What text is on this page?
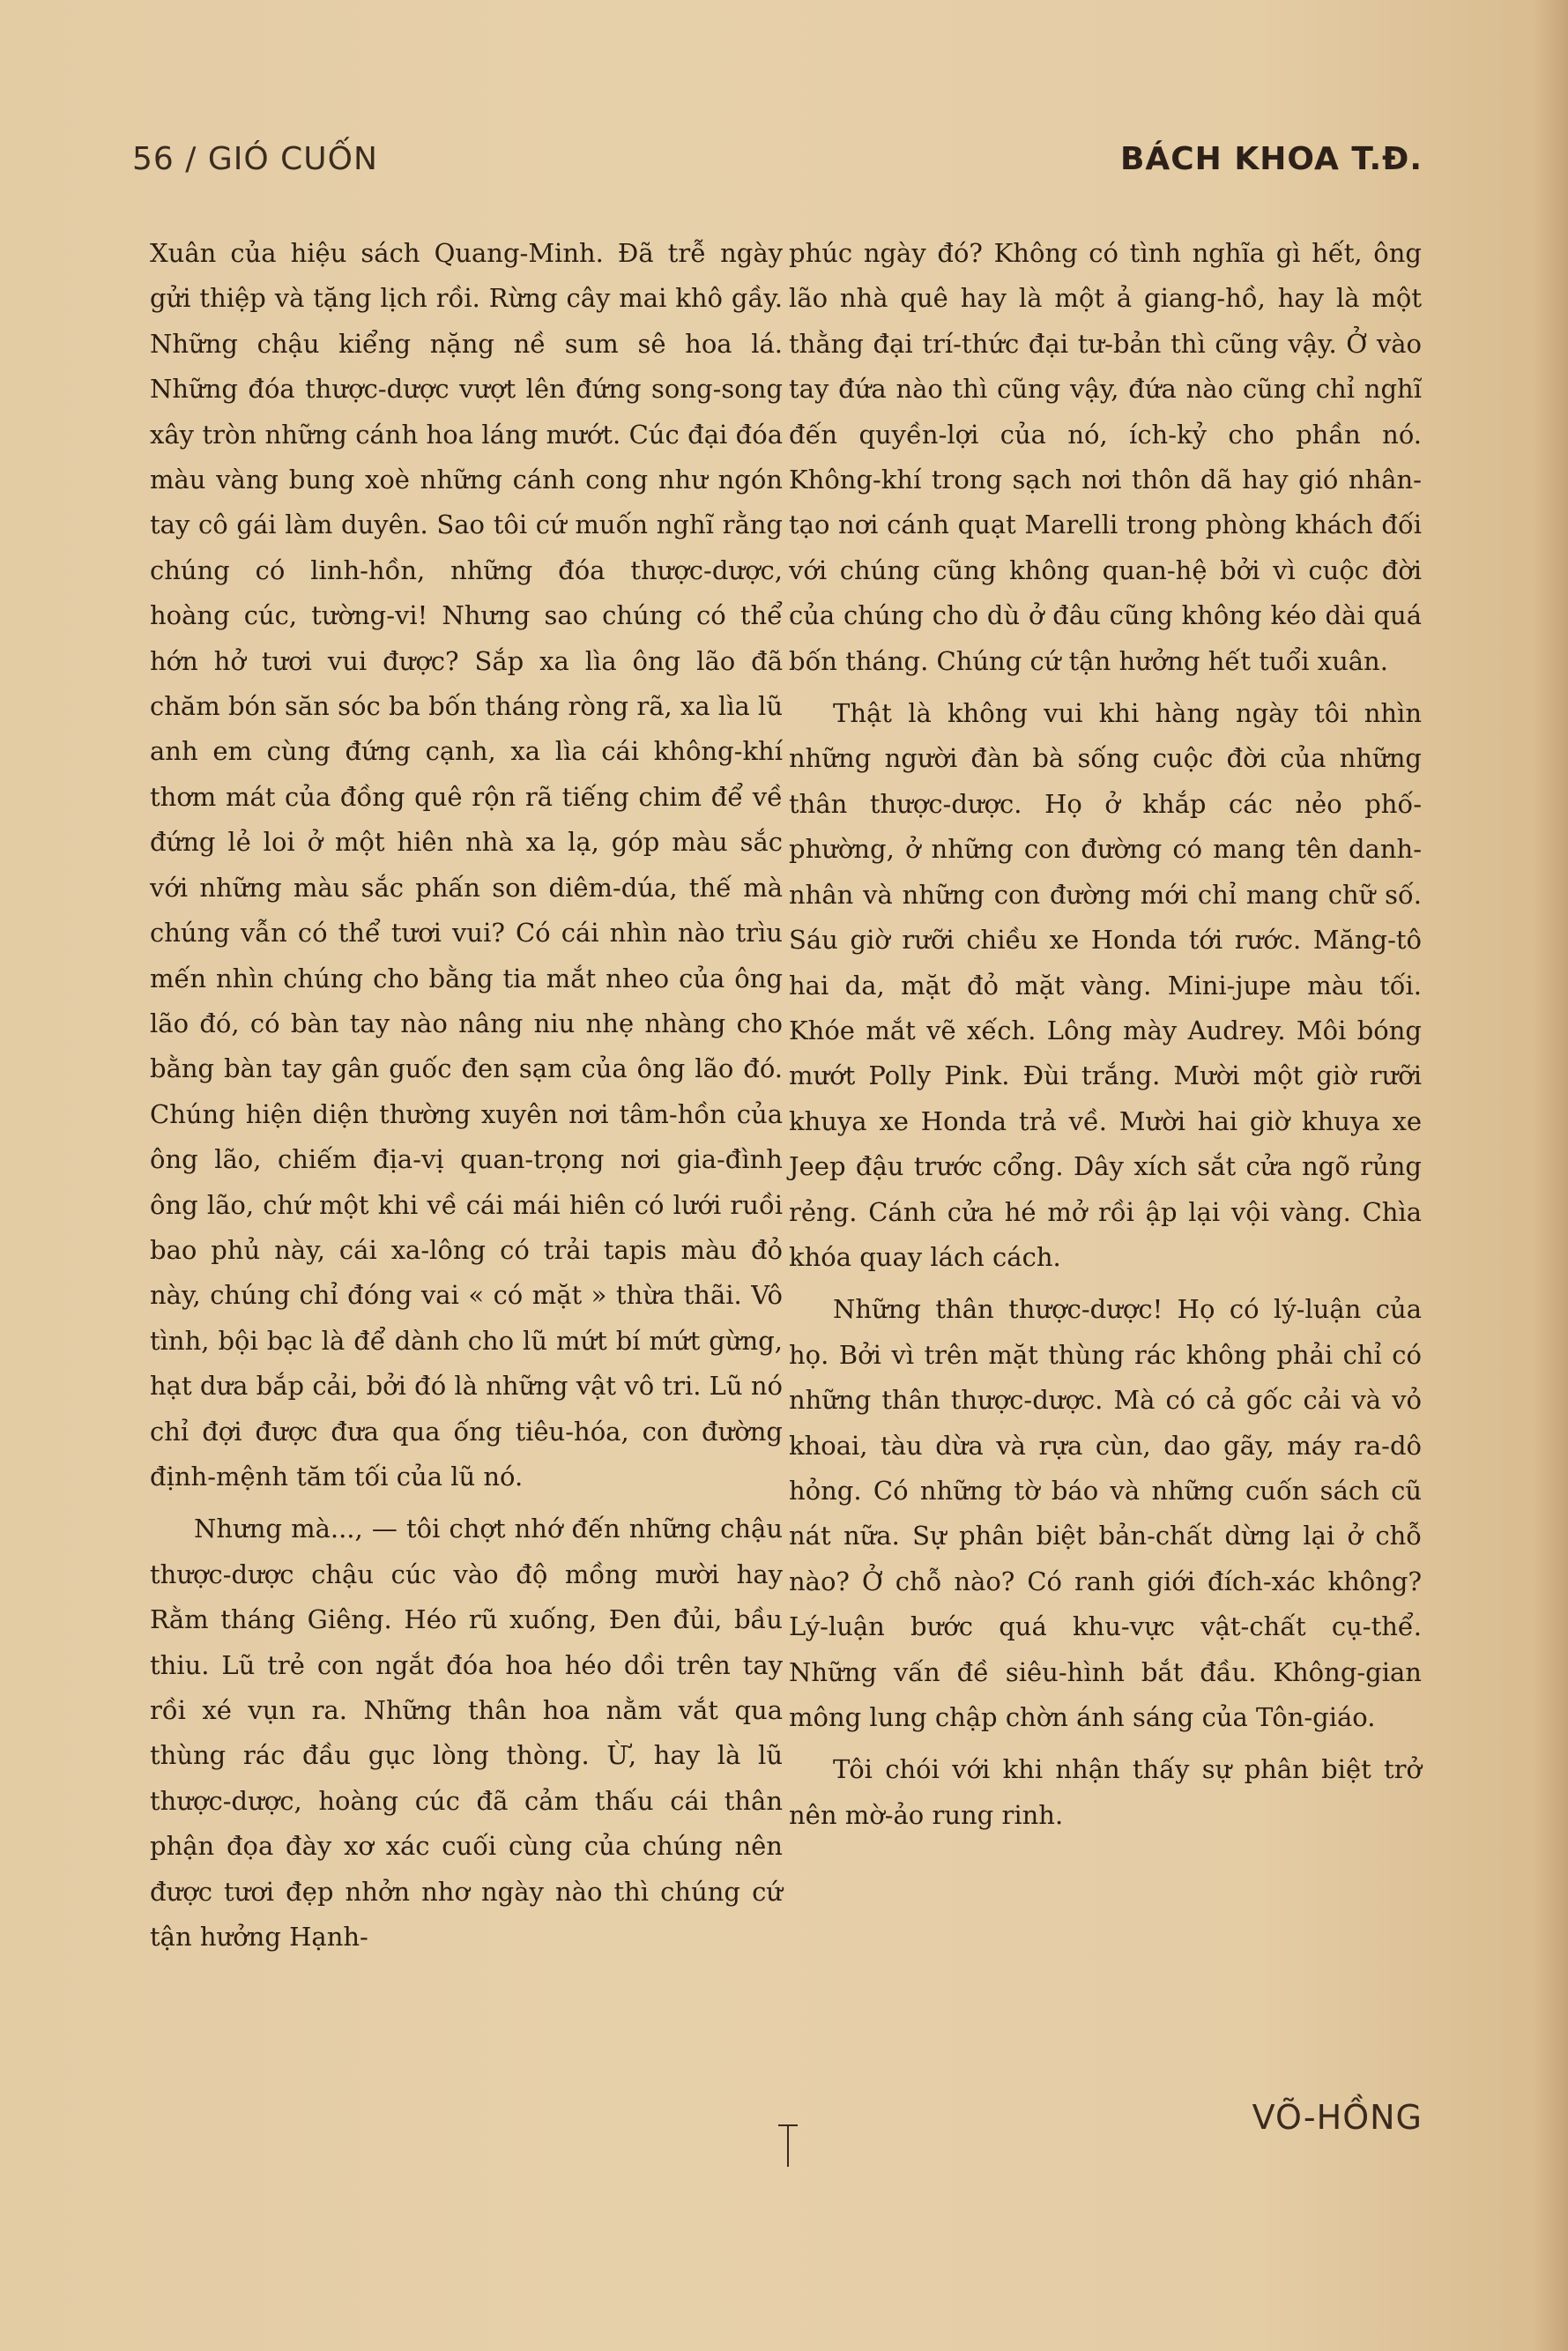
56 / GIÓ CUỐN	BÁCH KHOA T.Đ.

Xuân của hiệu sách Quang-Minh. Đã trễ ngày gửi thiệp và tặng lịch rồi. Rừng cây mai khô gầy. Những chậu kiểng nặng nề sum sê hoa lá. Những đóa thược-dược vượt lên đứng song-song xây tròn những cánh hoa láng mướt. Cúc đại đóa màu vàng bung xoè những cánh cong như ngón tay cô gái làm duyên. Sao tôi cứ muốn nghĩ rằng chúng có linh-hồn, những đóa thược-dược, hoàng cúc, tường-vi! Nhưng sao chúng có thể hớn hở tươi vui được? Sắp xa lìa ông lão đã chăm bón săn sóc ba bốn tháng ròng rã, xa lìa lũ anh em cùng đứng cạnh, xa lìa cái không-khí thơm mát của đồng quê rộn rã tiếng chim để về đứng lẻ loi ở một hiên nhà xa lạ, góp màu sắc với những màu sắc phấn son diêm-dúa, thế mà chúng vẫn có thể tươi vui? Có cái nhìn nào trìu mến nhìn chúng cho bằng tia mắt nheo của ông lão đó, có bàn tay nào nâng niu nhẹ nhàng cho bằng bàn tay gân guốc đen sạm của ông lão đó. Chúng hiện diện thường xuyên nơi tâm-hồn của ông lão, chiếm địa-vị quan-trọng nơi gia-đình ông lão, chứ một khi về cái mái hiên có lưới ruồi bao phủ này, cái xa-lông có trải tapis màu đỏ này, chúng chỉ đóng vai « có mặt » thừa thãi. Vô tình, bội bạc là để dành cho lũ mứt bí mứt gừng, hạt dưa bắp cải, bởi đó là những vật vô tri. Lũ nó chỉ đợi được đưa qua ống tiêu-hóa, con đường định-mệnh tăm tối của lũ nó.

Nhưng mà..., — tôi chợt nhớ đến những chậu thược-dược chậu cúc vào độ mồng mười hay Rằm tháng Giêng. Héo rũ xuống, Đen đủi, bầu thiu. Lũ trẻ con ngắt đóa hoa héo dồi trên tay rồi xé vụn ra. Những thân hoa nằm vắt qua thùng rác đầu gục lòng thòng. Ừ, hay là lũ thược-dược, hoàng cúc đã cảm thấu cái thân phận đọa đày xơ xác cuối cùng của chúng nên được tươi đẹp nhởn nhơ ngày nào thì chúng cứ tận hưởng Hạnh-

phúc ngày đó? Không có tình nghĩa gì hết, ông lão nhà quê hay là một ả giang-hồ, hay là một thằng đại trí-thức đại tư-bản thì cũng vậy. Ở vào tay đứa nào thì cũng vậy, đứa nào cũng chỉ nghĩ đến quyền-lợi của nó, ích-kỷ cho phần nó. Không-khí trong sạch nơi thôn dã hay gió nhân-tạo nơi cánh quạt Marelli trong phòng khách đối với chúng cũng không quan-hệ bởi vì cuộc đời của chúng cho dù ở đâu cũng không kéo dài quá bốn tháng. Chúng cứ tận hưởng hết tuổi xuân.

Thật là không vui khi hàng ngày tôi nhìn những người đàn bà sống cuộc đời của những thân thược-dược. Họ ở khắp các nẻo phố-phường, ở những con đường có mang tên danh-nhân và những con đường mới chỉ mang chữ số. Sáu giờ rưỡi chiều xe Honda tới rước. Măng-tô hai da, mặt đỏ mặt vàng. Mini-jupe màu tối. Khóe mắt vẽ xếch. Lông mày Audrey. Môi bóng mướt Polly Pink. Đùi trắng. Mười một giờ rưỡi khuya xe Honda trả về. Mười hai giờ khuya xe Jeep đậu trước cổng. Dây xích sắt cửa ngõ rủng rẻng. Cánh cửa hé mở rồi ập lại vội vàng. Chìa khóa quay lách cách.

Những thân thược-dược! Họ có lý-luận của họ. Bởi vì trên mặt thùng rác không phải chỉ có những thân thược-dược. Mà có cả gốc cải và vỏ khoai, tàu dừa và rựa cùn, dao gãy, máy ra-dô hỏng. Có những tờ báo và những cuốn sách cũ nát nữa. Sự phân biệt bản-chất dừng lại ở chỗ nào? Ở chỗ nào? Có ranh giới đích-xác không? Lý-luận bước quá khu-vực vật-chất cụ-thể. Những vấn đề siêu-hình bắt đầu. Không-gian mông lung chập chờn ánh sáng của Tôn-giáo.

Tôi chói với khi nhận thấy sự phân biệt trở nên mờ-ảo rung rinh.

VÕ-HỒNG
